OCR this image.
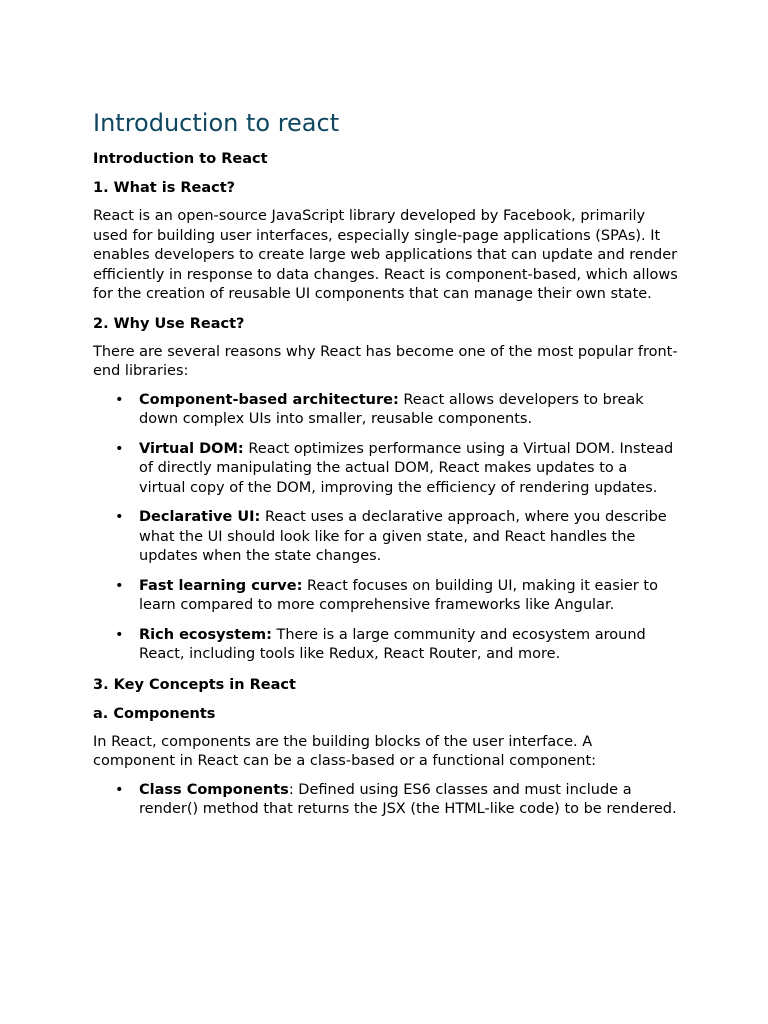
Introduction to react
Introduction to React
1. What is React?

React is an open-source JavaScript library developed by Facebook, primarily used for building user interfaces, especially single-page applications (SPAs). It enables developers to create large web applications that can update and render efficiently in response to data changes. React is component-based, which allows for the creation of reusable UI components that can manage their own state.

2. Why Use React?

There are several reasons why React has become one of the most popular front-end libraries:

• Component-based architecture: React allows developers to break down complex UIs into smaller, reusable components.
• Virtual DOM: React optimizes performance using a Virtual DOM. Instead of directly manipulating the actual DOM, React makes updates to a virtual copy of the DOM, improving the efficiency of rendering updates.
• Declarative UI: React uses a declarative approach, where you describe what the UI should look like for a given state, and React handles the updates when the state changes.
• Fast learning curve: React focuses on building UI, making it easier to learn compared to more comprehensive frameworks like Angular.
• Rich ecosystem: There is a large community and ecosystem around React, including tools like Redux, React Router, and more.
3. Key Concepts in React
a. Components

In React, components are the building blocks of the user interface. A component in React can be a class-based or a functional component:

• Class Components: Defined using ES6 classes and must include a render() method that returns the JSX (the HTML-like code) to be rendered.
